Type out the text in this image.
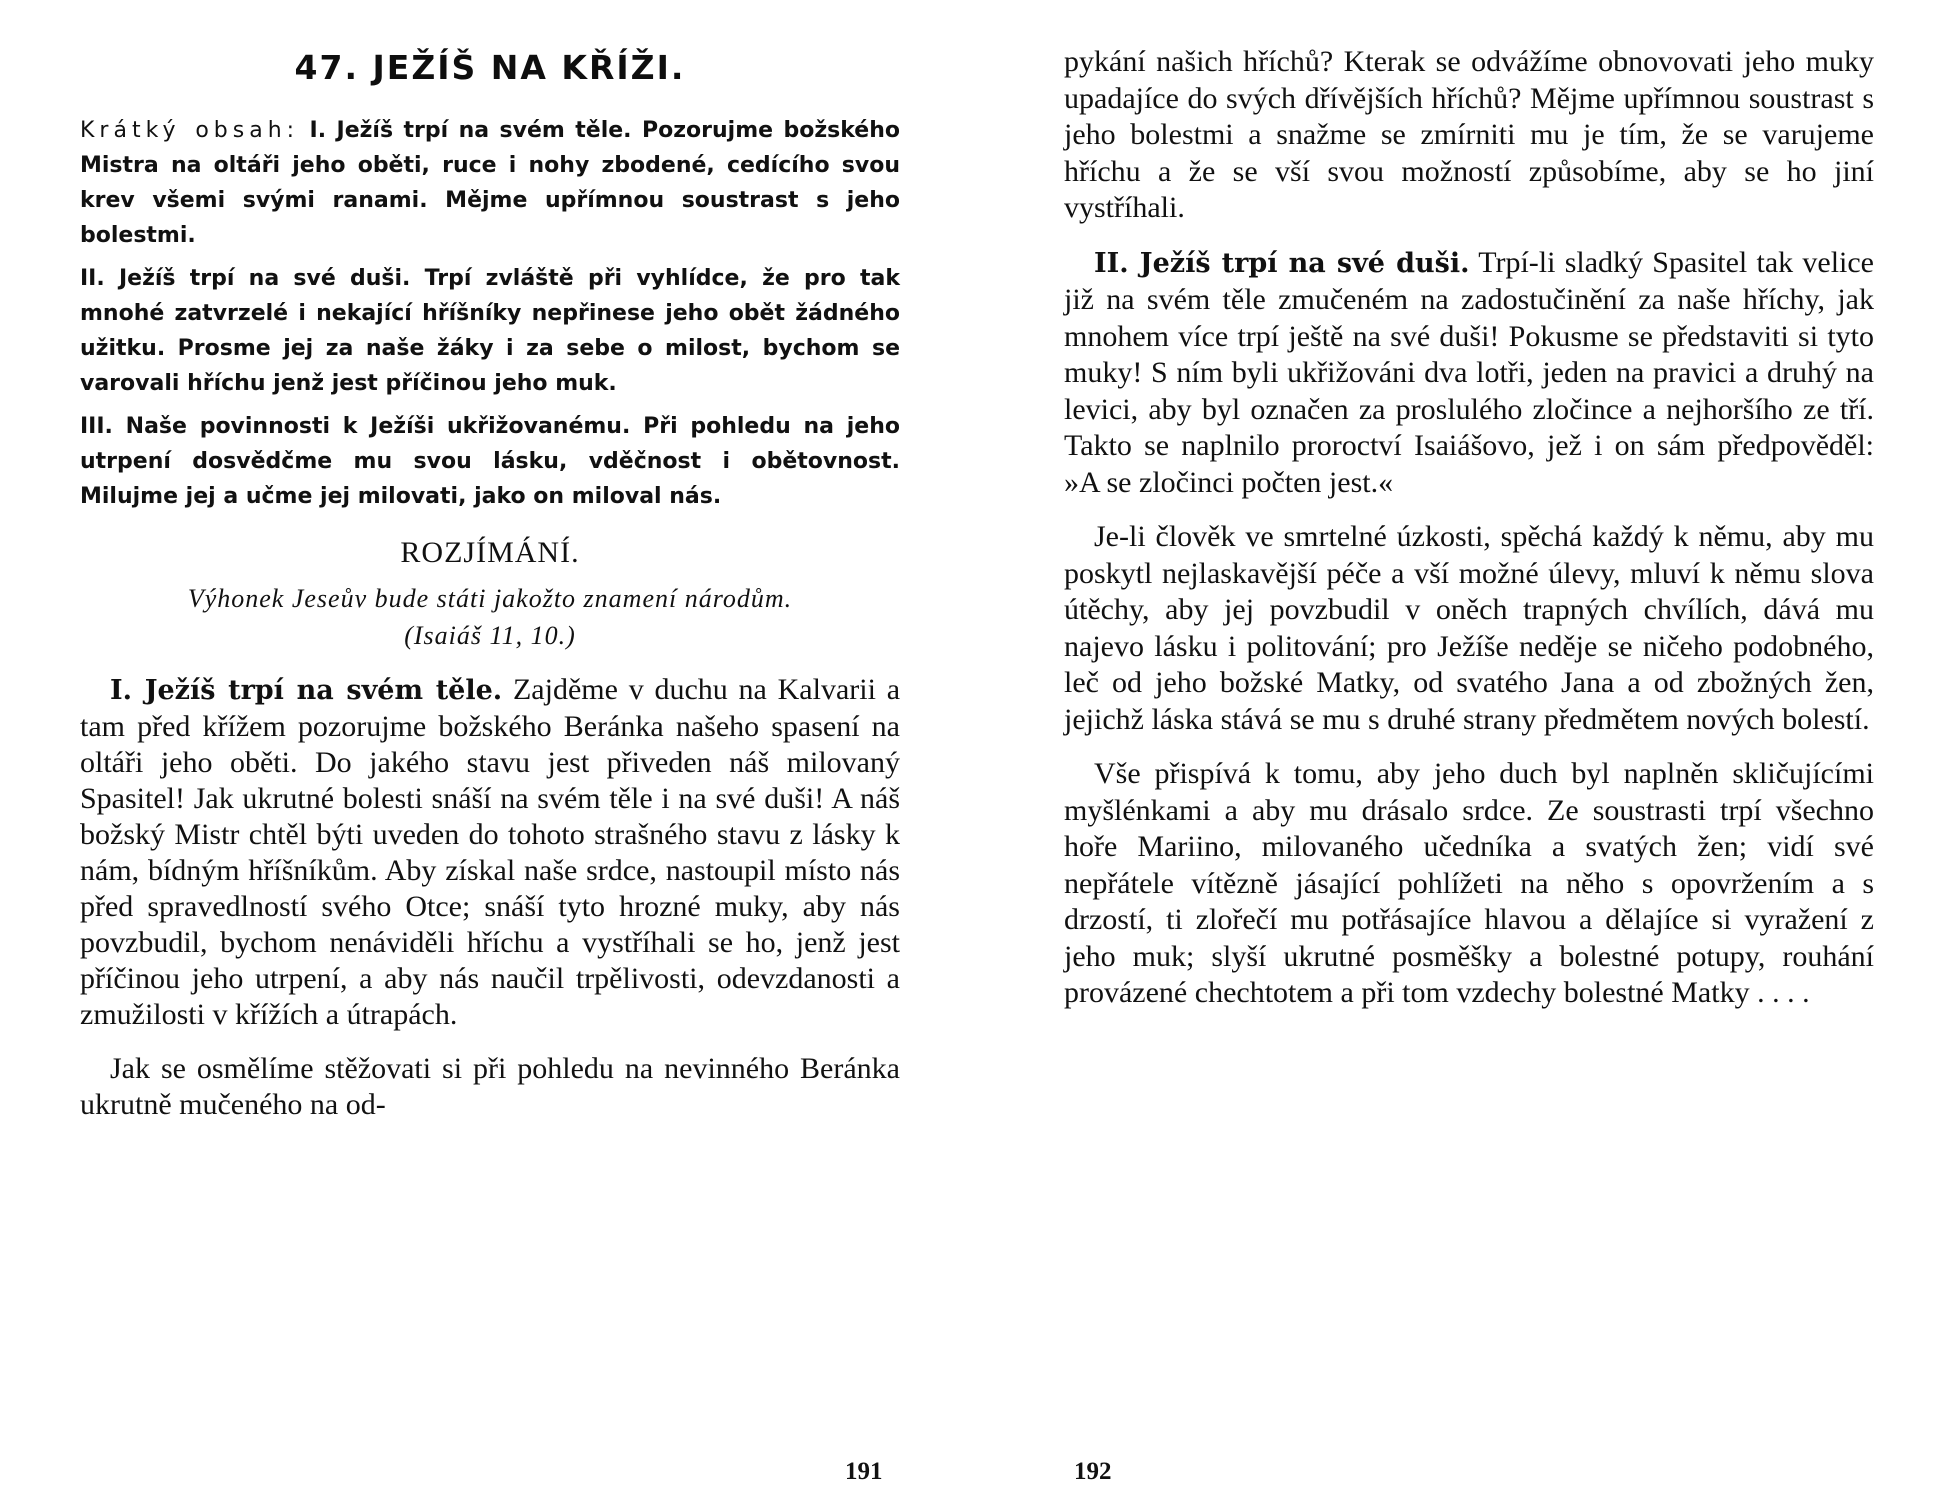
47. JEŽÍŠ NA KŘÍŽI.

Krátký obsah: I. Ježíš trpí na svém těle. Pozorujme božského Mistra na oltáři jeho oběti, ruce i nohy zbodené, cedícího svou krev všemi svými ranami. Mějme upřímnou soustrast s jeho bolestmi.

II. Ježíš trpí na své duši. Trpí zvláště při vyhlídce, že pro tak mnohé zatvrzelé i nekající hříšníky nepřinese jeho obět žádného užitku. Prosme jej za naše žáky i za sebe o milost, bychom se varovali hříchu jenž jest příčinou jeho muk.

III. Naše povinnosti k Ježíši ukřižovanému. Při pohledu na jeho utrpení dosvědčme mu svou lásku, vděčnost i obětovnost. Milujme jej a učme jej milovati, jako on miloval nás.

ROZJÍMÁNÍ.
Výhonek Jeseův bude státi jakožto znamení národům.
(Isaiáš 11, 10.)

I. Ježíš trpí na svém těle. Zajděme v duchu na Kalvarii a tam před křížem pozorujme božského Beránka našeho spasení na oltáři jeho oběti. Do jakého stavu jest přiveden náš milovaný Spasitel! Jak ukrutné bolesti snáší na svém těle i na své duši! A náš božský Mistr chtěl býti uveden do tohoto strašného stavu z lásky k nám, bídným hříšníkům. Aby získal naše srdce, nastoupil místo nás před spravedlností svého Otce; snáší tyto hrozné muky, aby nás povzbudil, bychom nenáviděli hříchu a vystříhali se ho, jenž jest příčinou jeho utrpení, a aby nás naučil trpělivosti, odevzdanosti a zmužilosti v křížích a útrapách.

Jak se osmělíme stěžovati si při pohledu na nevinného Beránka ukrutně mučeného na od-

191

pykání našich hříchů? Kterak se odvážíme obnovovati jeho muky upadajíce do svých dřívějších hříchů? Mějme upřímnou soustrast s jeho bolestmi a snažme se zmírniti mu je tím, že se varujeme hříchu a že se vší svou možností způsobíme, aby se ho jiní vystříhali.

II. Ježíš trpí na své duši. Trpí-li sladký Spasitel tak velice již na svém těle zmučeném na zadostučinění za naše hříchy, jak mnohem více trpí ještě na své duši! Pokusme se představiti si tyto muky! S ním byli ukřižováni dva lotři, jeden na pravici a druhý na levici, aby byl označen za proslulého zločince a nejhoršího ze tří. Takto se naplnilo proroctví Isaiášovo, jež i on sám předpověděl: »A se zločinci počten jest.«

Je-li člověk ve smrtelné úzkosti, spěchá každý k němu, aby mu poskytl nejlaskavější péče a vší možné úlevy, mluví k němu slova útěchy, aby jej povzbudil v oněch trapných chvílích, dává mu najevo lásku i politování; pro Ježíše neděje se ničeho podobného, leč od jeho božské Matky, od svatého Jana a od zbožných žen, jejichž láska stává se mu s druhé strany předmětem nových bolestí.

Vše přispívá k tomu, aby jeho duch byl naplněn skličujícími myšlénkami a aby mu drásalo srdce. Ze soustrasti trpí všechno hoře Mariino, milovaného učedníka a svatých žen; vidí své nepřátele vítězně jásající pohlížeti na něho s opovržením a s drzostí, ti zlořečí mu potřásajíce hlavou a dělajíce si vyražení z jeho muk; slyší ukrutné posměšky a bolestné potupy, rouhání provázené chechtotem a při tom vzdechy bolestné Matky . . . .

192
